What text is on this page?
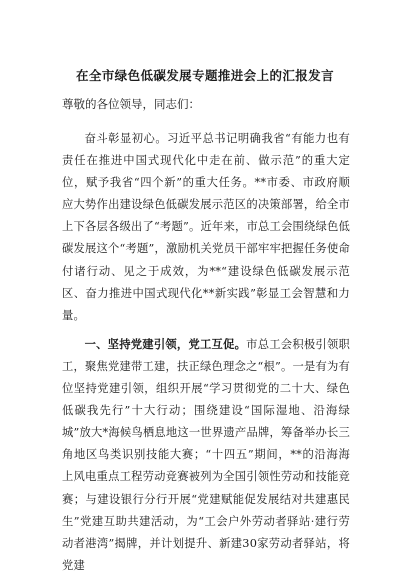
在全市绿色低碳发展专题推进会上的汇报发言

尊敬的各位领导，同志们：

奋斗彰显初心。习近平总书记明确我省“有能力也有责任在推进中国式现代化中走在前、做示范”的重大定位，赋予我省“四个新”的重大任务。**市委、市政府顺应大势作出建设绿色低碳发展示范区的决策部署，给全市上下各层各级出了“考题”。近年来，市总工会围绕绿色低碳发展这个“考题”，激励机关党员干部牢牢把握任务使命付诸行动、见之于成效，为**“建设绿色低碳发展示范区、奋力推进中国式现代化**新实践”彰显工会智慧和力量。

一、坚持党建引领，党工互促。市总工会积极引领职工，聚焦党建带工建，扶正绿色理念之“根”。一是有为有位坚持党建引领，组织开展“学习贯彻党的二十大、绿色低碳我先行”十大行动；围绕建设“国际湿地、沿海绿城”放大*海候鸟栖息地这一世界遗产品牌，筹备举办长三角地区鸟类识别技能大赛；“十四五”期间，**的沿海海上风电重点工程劳动竞赛被列为全国引领性劳动和技能竞赛；与建设银行分行开展“党建赋能促发展结对共建惠民生”党建互助共建活动，为“工会户外劳动者驿站·建行劳动者港湾”揭牌，并计划提升、新建30家劳动者驿站，将党建
